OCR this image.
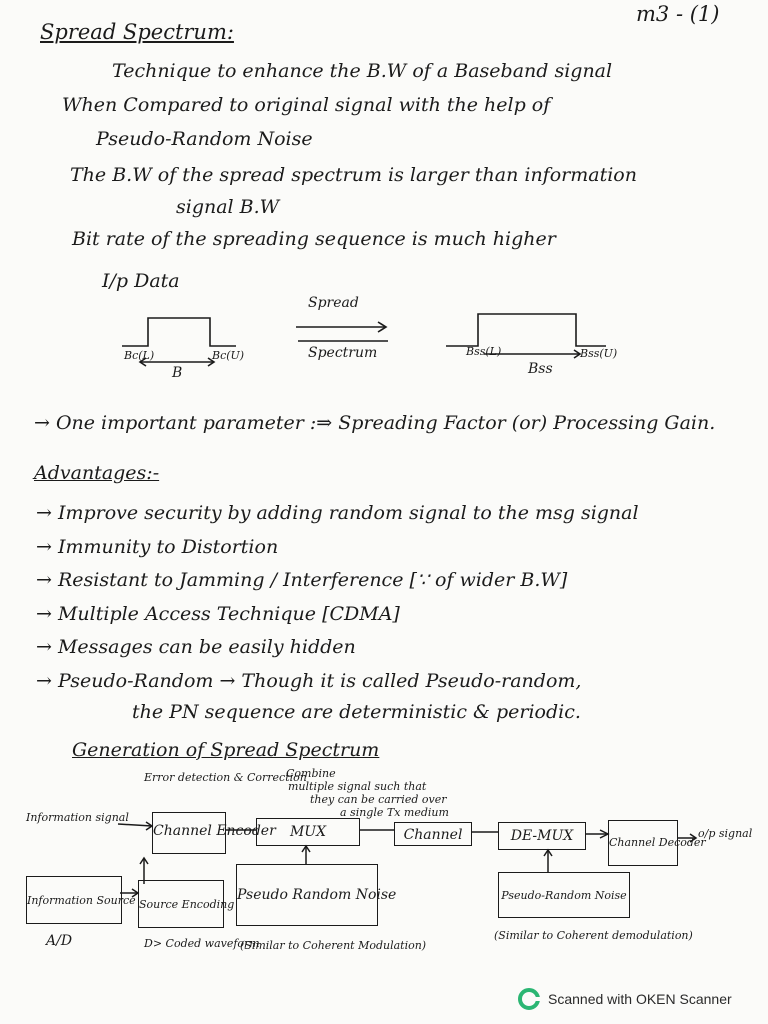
Spread Spectrum:
m3 - (1)
Technique to enhance the B.W of a Baseband signal
When Compared to original signal with the help of
Pseudo-Random Noise
The B.W of the spread spectrum is larger than information
signal B.W
Bit rate of the spreading sequence is much higher
I/p Data
Bc(L)	Bc(U)
B
Spread
Spectrum	Bss(L)	Bss(U)
Bss
→ One important parameter :⇒ Spreading Factor (or) Processing Gain.
Advantages:-
→ Improve security by adding random signal to the msg signal
→ Immunity to Distortion
→ Resistant to Jamming / Interference [∵ of wider B.W]
→ Multiple Access Technique [CDMA]
→ Messages can be easily hidden
→ Pseudo-Random → Though it is called Pseudo-random,
the PN sequence are deterministic & periodic.
Generation of Spread Spectrum
Error detection & Correction
Combine
multiple signal such that
they can be carried over
a single Tx medium
Information signal
o/p signal
Channel Encoder	MUX	Channel	DE-MUX	Channel Decoder
Information Source Source Encoding
Pseudo Random Noise	Pseudo-Random Noise
A/D	D> Coded waveform
(Similar to Coherent Modulation)
(Similar to Coherent demodulation)
Scanned with OKEN Scanner
